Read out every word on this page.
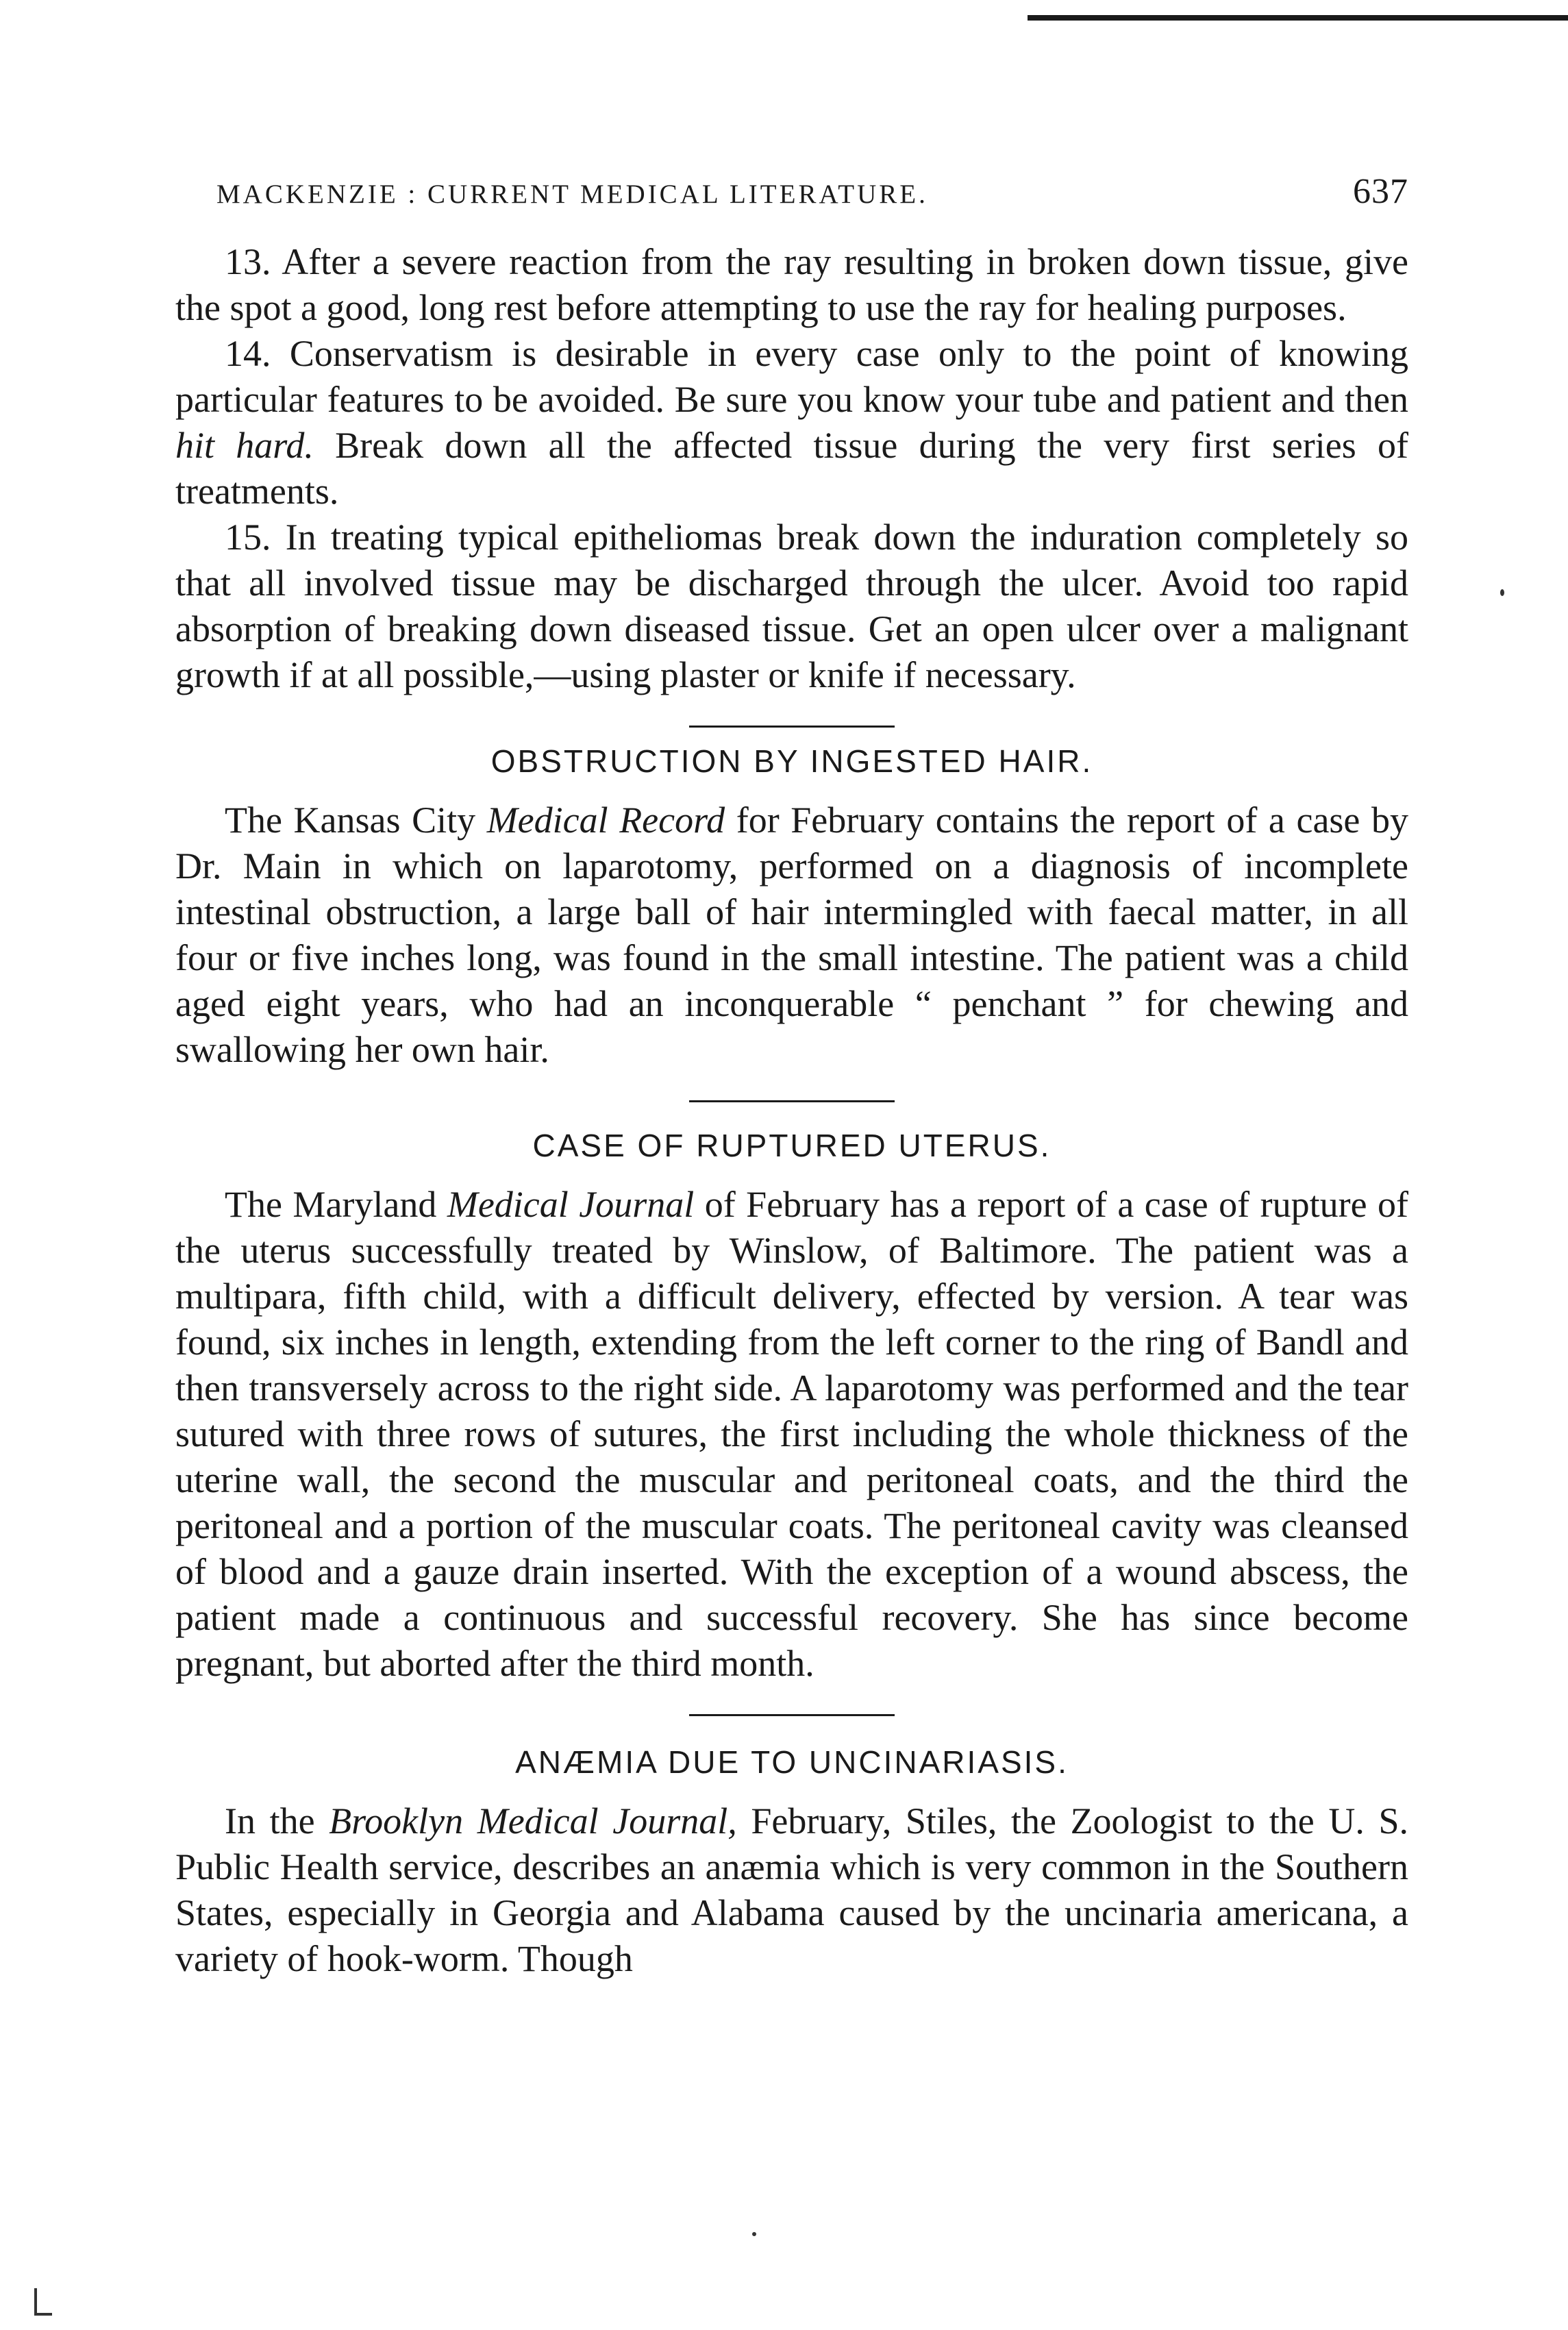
MACKENZIE : CURRENT MEDICAL LITERATURE.	637

13. After a severe reaction from the ray resulting in broken down tissue, give the spot a good, long rest before attempting to use the ray for healing purposes.

14. Conservatism is desirable in every case only to the point of knowing particular features to be avoided. Be sure you know your tube and patient and then hit hard. Break down all the affected tissue during the very first series of treatments.

15. In treating typical epitheliomas break down the induration completely so that all involved tissue may be discharged through the ulcer. Avoid too rapid absorption of breaking down diseased tissue. Get an open ulcer over a malignant growth if at all possible,—using plaster or knife if necessary.

OBSTRUCTION BY INGESTED HAIR.

The Kansas City Medical Record for February contains the report of a case by Dr. Main in which on laparotomy, performed on a diagnosis of incomplete intestinal obstruction, a large ball of hair intermingled with faecal matter, in all four or five inches long, was found in the small intestine. The patient was a child aged eight years, who had an inconquerable “ penchant ” for chewing and swallowing her own hair.

CASE OF RUPTURED UTERUS.

The Maryland Medical Journal of February has a report of a case of rupture of the uterus successfully treated by Winslow, of Baltimore. The patient was a multipara, fifth child, with a difficult delivery, effected by version. A tear was found, six inches in length, extending from the left corner to the ring of Bandl and then transversely across to the right side. A laparotomy was performed and the tear sutured with three rows of sutures, the first including the whole thickness of the uterine wall, the second the muscular and peritoneal coats, and the third the peritoneal and a portion of the muscular coats. The peritoneal cavity was cleansed of blood and a gauze drain inserted. With the exception of a wound abscess, the patient made a continuous and successful recovery. She has since become pregnant, but aborted after the third month.

ANÆMIA DUE TO UNCINARIASIS.

In the Brooklyn Medical Journal, February, Stiles, the Zoologist to the U. S. Public Health service, describes an anæmia which is very common in the Southern States, especially in Georgia and Alabama caused by the uncinaria americana, a variety of hook-worm. Though
